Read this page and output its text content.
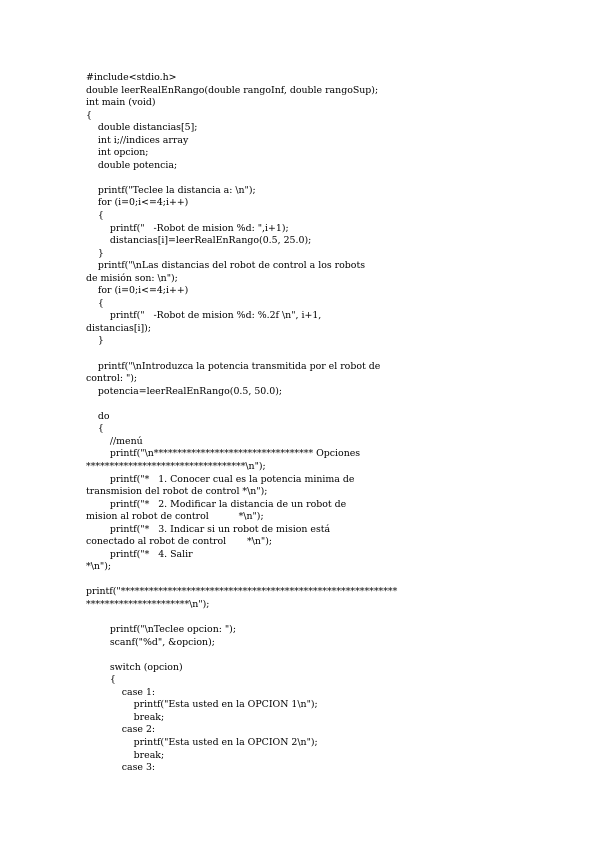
#include<stdio.h>
double leerRealEnRango(double rangoInf, double rangoSup);
int main (void)
{
double distancias[5];
int i;//indices array
int opcion;
double potencia;
printf("Teclee la distancia a: \n");
for (i=0;i<=4;i++)
{
printf("   -Robot de mision %d: ",i+1);
distancias[i]=leerRealEnRango(0.5, 25.0);
}
printf("\nLas distancias del robot de control a los robots
de misión son: \n");
for (i=0;i<=4;i++)
{
printf("   -Robot de mision %d: %.2f \n", i+1,
distancias[i]);
}
printf("\nIntroduzca la potencia transmitida por el robot de
control: ");
potencia=leerRealEnRango(0.5, 50.0);
do
{
//menú
printf("\n********************************** Opciones
**********************************\n");
printf("*   1. Conocer cual es la potencia minima de
transmision del robot de control *\n");
printf("*   2. Modificar la distancia de un robot de
mision al robot de control          *\n");
printf("*   3. Indicar si un robot de mision está
conectado al robot de control       *\n");
printf("*   4. Salir
*\n");
printf("***********************************************************
**********************\n");
printf("\nTeclee opcion: ");
scanf("%d", &opcion);
switch (opcion)
{
case 1:
printf("Esta usted en la OPCION 1\n");
break;
case 2:
printf("Esta usted en la OPCION 2\n");
break;
case 3:
